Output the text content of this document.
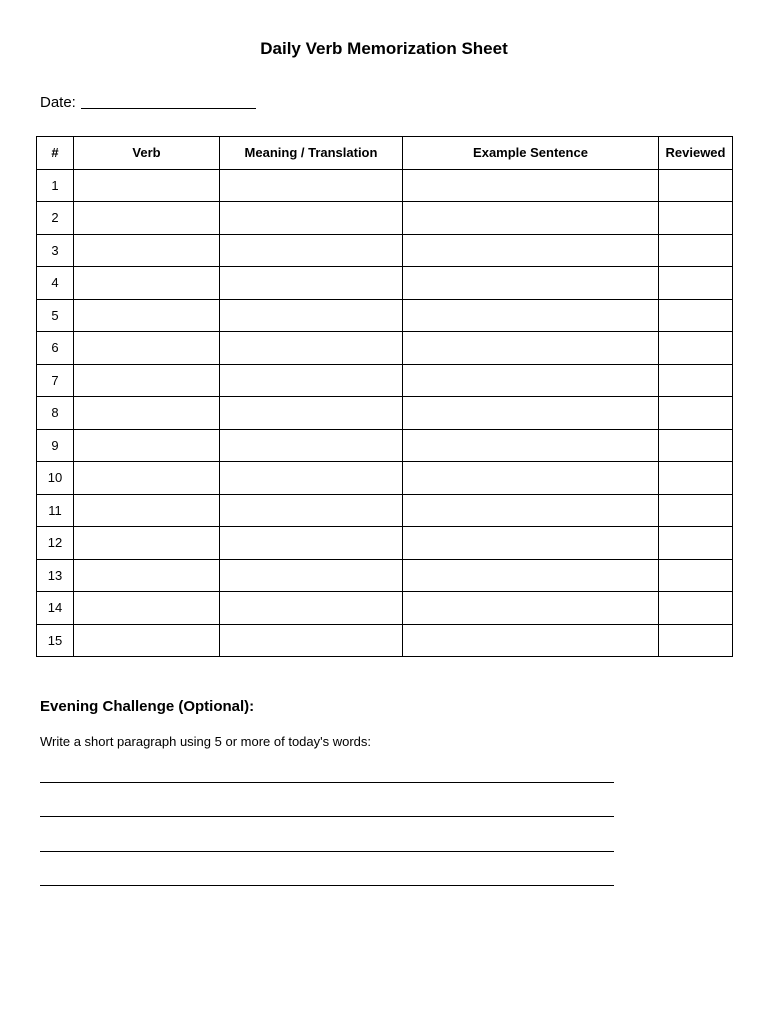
Daily Verb Memorization Sheet
Date:
#	Verb	Meaning / Translation	Example Sentence	Reviewed
1				
2				
3				
4				
5				
6				
7				
8				
9				
10				
11				
12				
13				
14				
15				
Evening Challenge (Optional):
Write a short paragraph using 5 or more of today's words:
